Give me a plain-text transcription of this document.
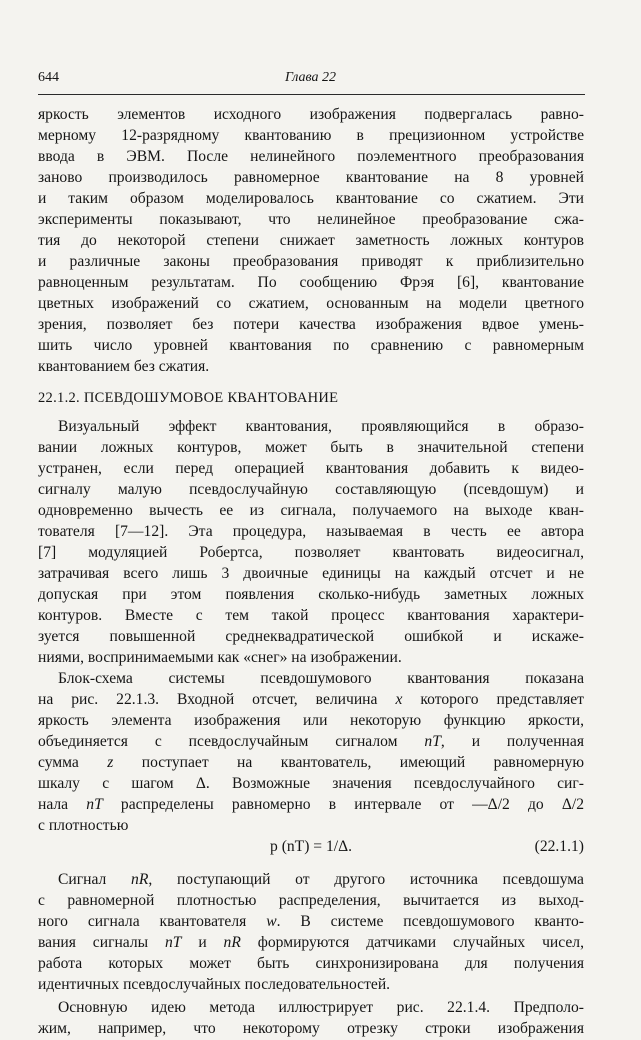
644	Глава 22
яркость элементов исходного изображения подвергалась равно-
мерному 12-разрядному квантованию в прецизионном устройстве
ввода в ЭВМ. После нелинейного поэлементного преобразования
заново производилось равномерное квантование на 8 уровней
и таким образом моделировалось квантование со сжатием. Эти
эксперименты показывают, что нелинейное преобразование сжа-
тия до некоторой степени снижает заметность ложных контуров
и различные законы преобразования приводят к приблизительно
равноценным результатам. По сообщению Фрэя [6], квантование
цветных изображений со сжатием, основанным на модели цветного
зрения, позволяет без потери качества изображения вдвое умень-
шить число уровней квантования по сравнению с равномерным
квантованием без сжатия.
22.1.2. ПСЕВДОШУМОВОЕ КВАНТОВАНИЕ
Визуальный эффект квантования, проявляющийся в образо-
вании ложных контуров, может быть в значительной степени
устранен, если перед операцией квантования добавить к видео-
сигналу малую псевдослучайную составляющую (псевдошум) и
одновременно вычесть ее из сигнала, получаемого на выходе кван-
тователя [7—12]. Эта процедура, называемая в честь ее автора
[7] модуляцией Робертса, позволяет квантовать видеосигнал,
затрачивая всего лишь 3 двоичные единицы на каждый отсчет и не
допуская при этом появления сколько-нибудь заметных ложных
контуров. Вместе с тем такой процесс квантования характери-
зуется повышенной среднеквадратической ошибкой и искаже-
ниями, воспринимаемыми как «снег» на изображении.
Блок-схема системы псевдошумового квантования показана
на рис. 22.1.3. Входной отсчет, величина x которого представляет
яркость элемента изображения или некоторую функцию яркости,
объединяется с псевдослучайным сигналом nT, и полученная
сумма z поступает на квантователь, имеющий равномерную
шкалу с шагом Δ. Возможные значения псевдослучайного сиг-
нала nT распределены равномерно в интервале от —Δ/2 до Δ/2
с плотностью
p (nT) = 1/Δ.	(22.1.1)
Сигнал nR, поступающий от другого источника псевдошума
с равномерной плотностью распределения, вычитается из выход-
ного сигнала квантователя w. В системе псевдошумового кванто-
вания сигналы nT и nR формируются датчиками случайных чисел,
работа которых может быть синхронизирована для получения
идентичных псевдослучайных последовательностей.
Основную идею метода иллюстрирует рис. 22.1.4. Предполо-
жим, например, что некоторому отрезку строки изображения
